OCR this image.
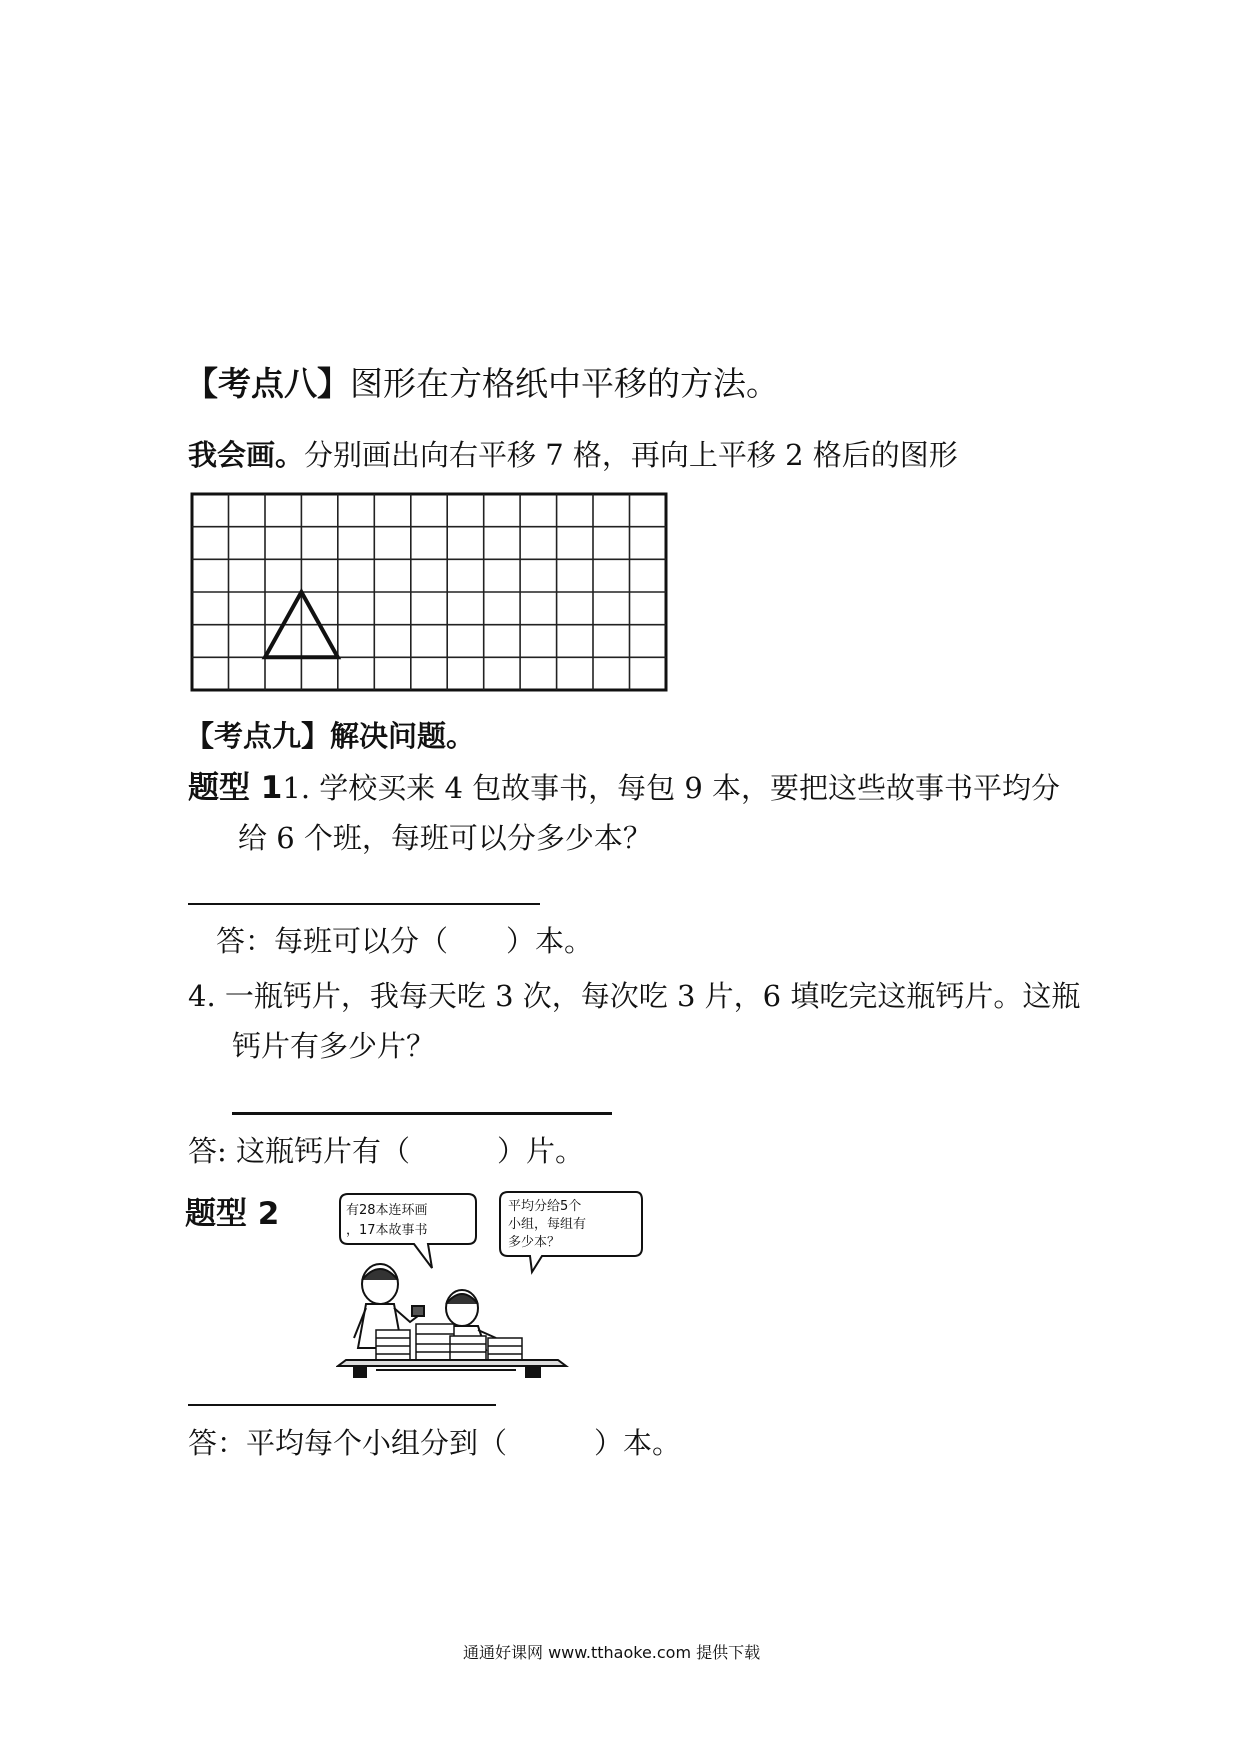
【考点八】图形在方格纸中平移的方法。
我会画。分别画出向右平移 7 格，再向上平移 2 格后的图形
【考点九】解决问题。
题型 11. 学校买来 4 包故事书，每包 9 本，要把这些故事书平均分
给 6 个班，每班可以分多少本？
答：每班可以分（　　）本。
4. 一瓶钙片，我每天吃 3 次，每次吃 3 片，6 填吃完这瓶钙片。这瓶
钙片有多少片？
答: 这瓶钙片有（　　　）片。
题型 2	有28本连环画
，17本故事书
平均分给5个
小组，每组有
多少本？
答：平均每个小组分到（　　　）本。
通通好课网 www.tthaoke.com 提供下载
